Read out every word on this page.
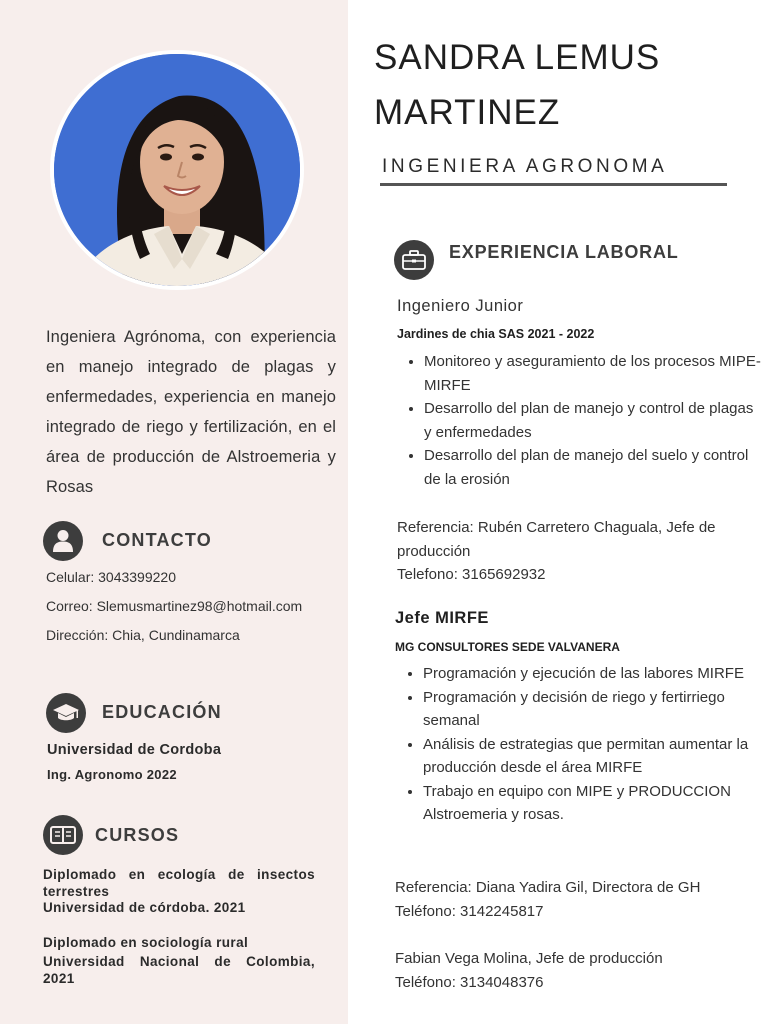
Ingeniera Agrónoma, con experiencia en manejo integrado de plagas y enfermedades, experiencia en manejo integrado de riego y fertilización, en el área de producción de Alstroemeria y Rosas
CONTACTO
Celular: 3043399220
Correo: Slemusmartinez98@hotmail.com
Dirección: Chia, Cundinamarca
EDUCACIÓN
Universidad de Cordoba
Ing. Agronomo 2022
CURSOS
Diplomado en ecología de insectos terrestres
Universidad de córdoba. 2021
Diplomado en sociología rural
Universidad Nacional de Colombia, 2021
SANDRA LEMUS
MARTINEZ
INGENIERA AGRONOMA
EXPERIENCIA LABORAL
Ingeniero Junior
Jardines de chia SAS 2021 - 2022
• Monitoreo y aseguramiento de los procesos MIPE-MIRFE
• Desarrollo del plan de manejo y control de plagas y enfermedades
• Desarrollo del plan de manejo del suelo y control de la erosión
Referencia: Rubén Carretero Chaguala, Jefe de producción
Telefono: 3165692932
Jefe MIRFE
MG CONSULTORES SEDE VALVANERA
• Programación y ejecución de las labores MIRFE
• Programación y decisión de riego y fertirriego semanal
• Análisis de estrategias que permitan aumentar la producción desde el área MIRFE
• Trabajo en equipo con MIPE y PRODUCCION Alstroemeria y rosas.
Referencia: Diana Yadira Gil, Directora de GH
Teléfono: 3142245817
Fabian Vega Molina, Jefe de producción
Teléfono: 3134048376
